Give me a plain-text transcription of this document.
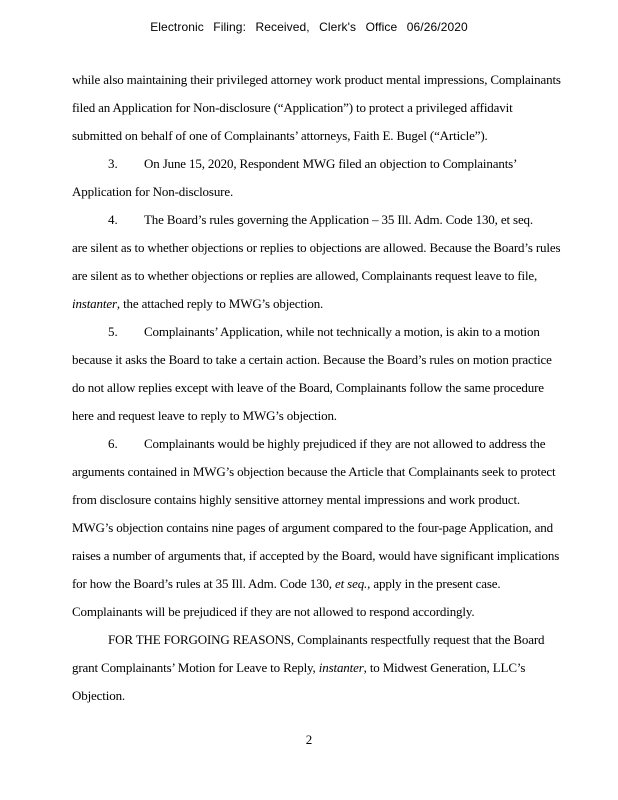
Electronic Filing: Received, Clerk's Office 06/26/2020
while also maintaining their privileged attorney work product mental impressions, Complainants
filed an Application for Non-disclosure (“Application”) to protect a privileged affidavit
submitted on behalf of one of Complainants’ attorneys, Faith E. Bugel (“Article”).
3. On June 15, 2020, Respondent MWG filed an objection to Complainants’
Application for Non-disclosure.
4. The Board’s rules governing the Application – 35 Ill. Adm. Code 130, et seq.
are silent as to whether objections or replies to objections are allowed. Because the Board’s rules
are silent as to whether objections or replies are allowed, Complainants request leave to file,
instanter, the attached reply to MWG’s objection.
5. Complainants’ Application, while not technically a motion, is akin to a motion
because it asks the Board to take a certain action. Because the Board’s rules on motion practice
do not allow replies except with leave of the Board, Complainants follow the same procedure
here and request leave to reply to MWG’s objection.
6. Complainants would be highly prejudiced if they are not allowed to address the
arguments contained in MWG’s objection because the Article that Complainants seek to protect
from disclosure contains highly sensitive attorney mental impressions and work product.
MWG’s objection contains nine pages of argument compared to the four-page Application, and
raises a number of arguments that, if accepted by the Board, would have significant implications
for how the Board’s rules at 35 Ill. Adm. Code 130, et seq., apply in the present case.
Complainants will be prejudiced if they are not allowed to respond accordingly.
FOR THE FORGOING REASONS, Complainants respectfully request that the Board
grant Complainants’ Motion for Leave to Reply, instanter, to Midwest Generation, LLC’s
Objection.
2
